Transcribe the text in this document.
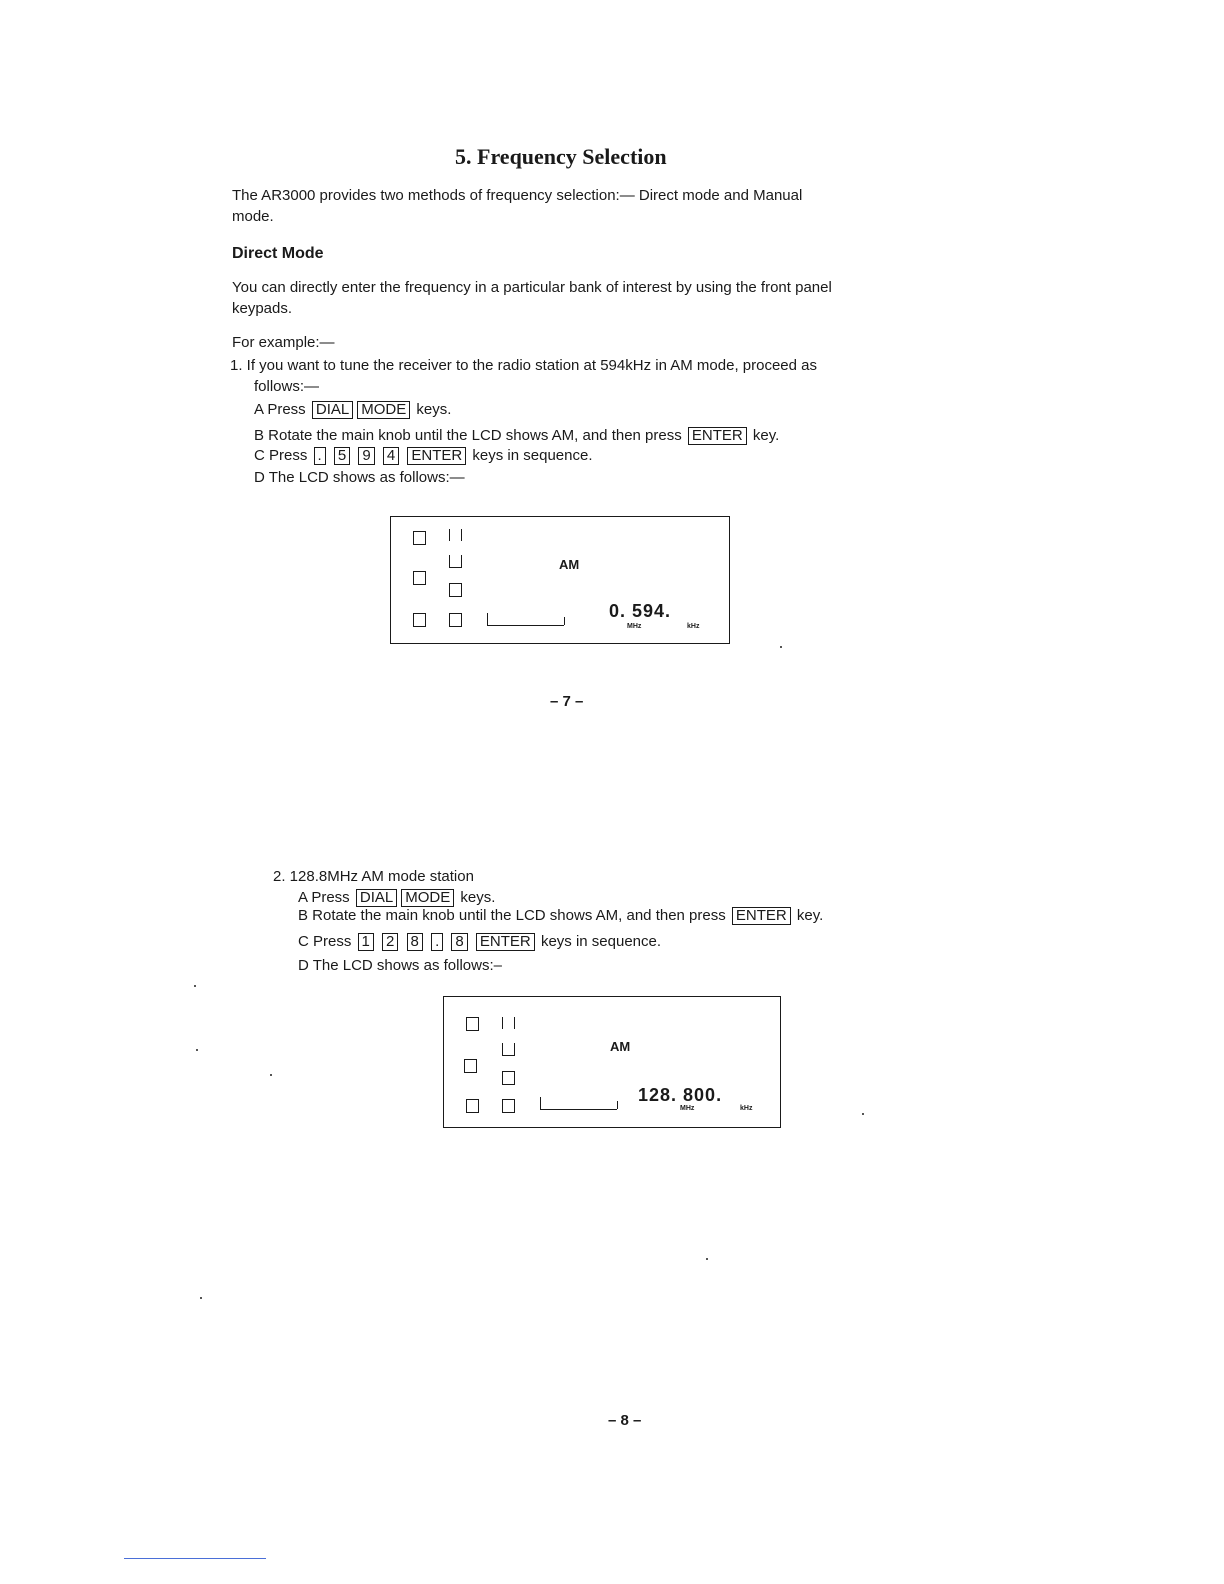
5. Frequency Selection
The AR3000 provides two methods of frequency selection:— Direct mode and Manual
mode.
Direct Mode
You can directly enter the frequency in a particular bank of interest by using the front panel
keypads.
For example:—
1. If you want to tune the receiver to the radio station at 594kHz in AM mode, proceed as
follows:—
A Press DIAL MODE keys.
B Rotate the main knob until the LCD shows AM, and then press ENTER key.
C Press . 5 9 4 ENTER keys in sequence.
D The LCD shows as follows:—
AM
0. 594.
MHz	kHz
– 7 –
2. 128.8MHz AM mode station
A Press DIAL MODE keys.
B Rotate the main knob until the LCD shows AM, and then press ENTER key.
C Press 1 2 8 . 8 ENTER keys in sequence.
D The LCD shows as follows:–
AM
128. 800.
MHz	kHz
– 8 –
